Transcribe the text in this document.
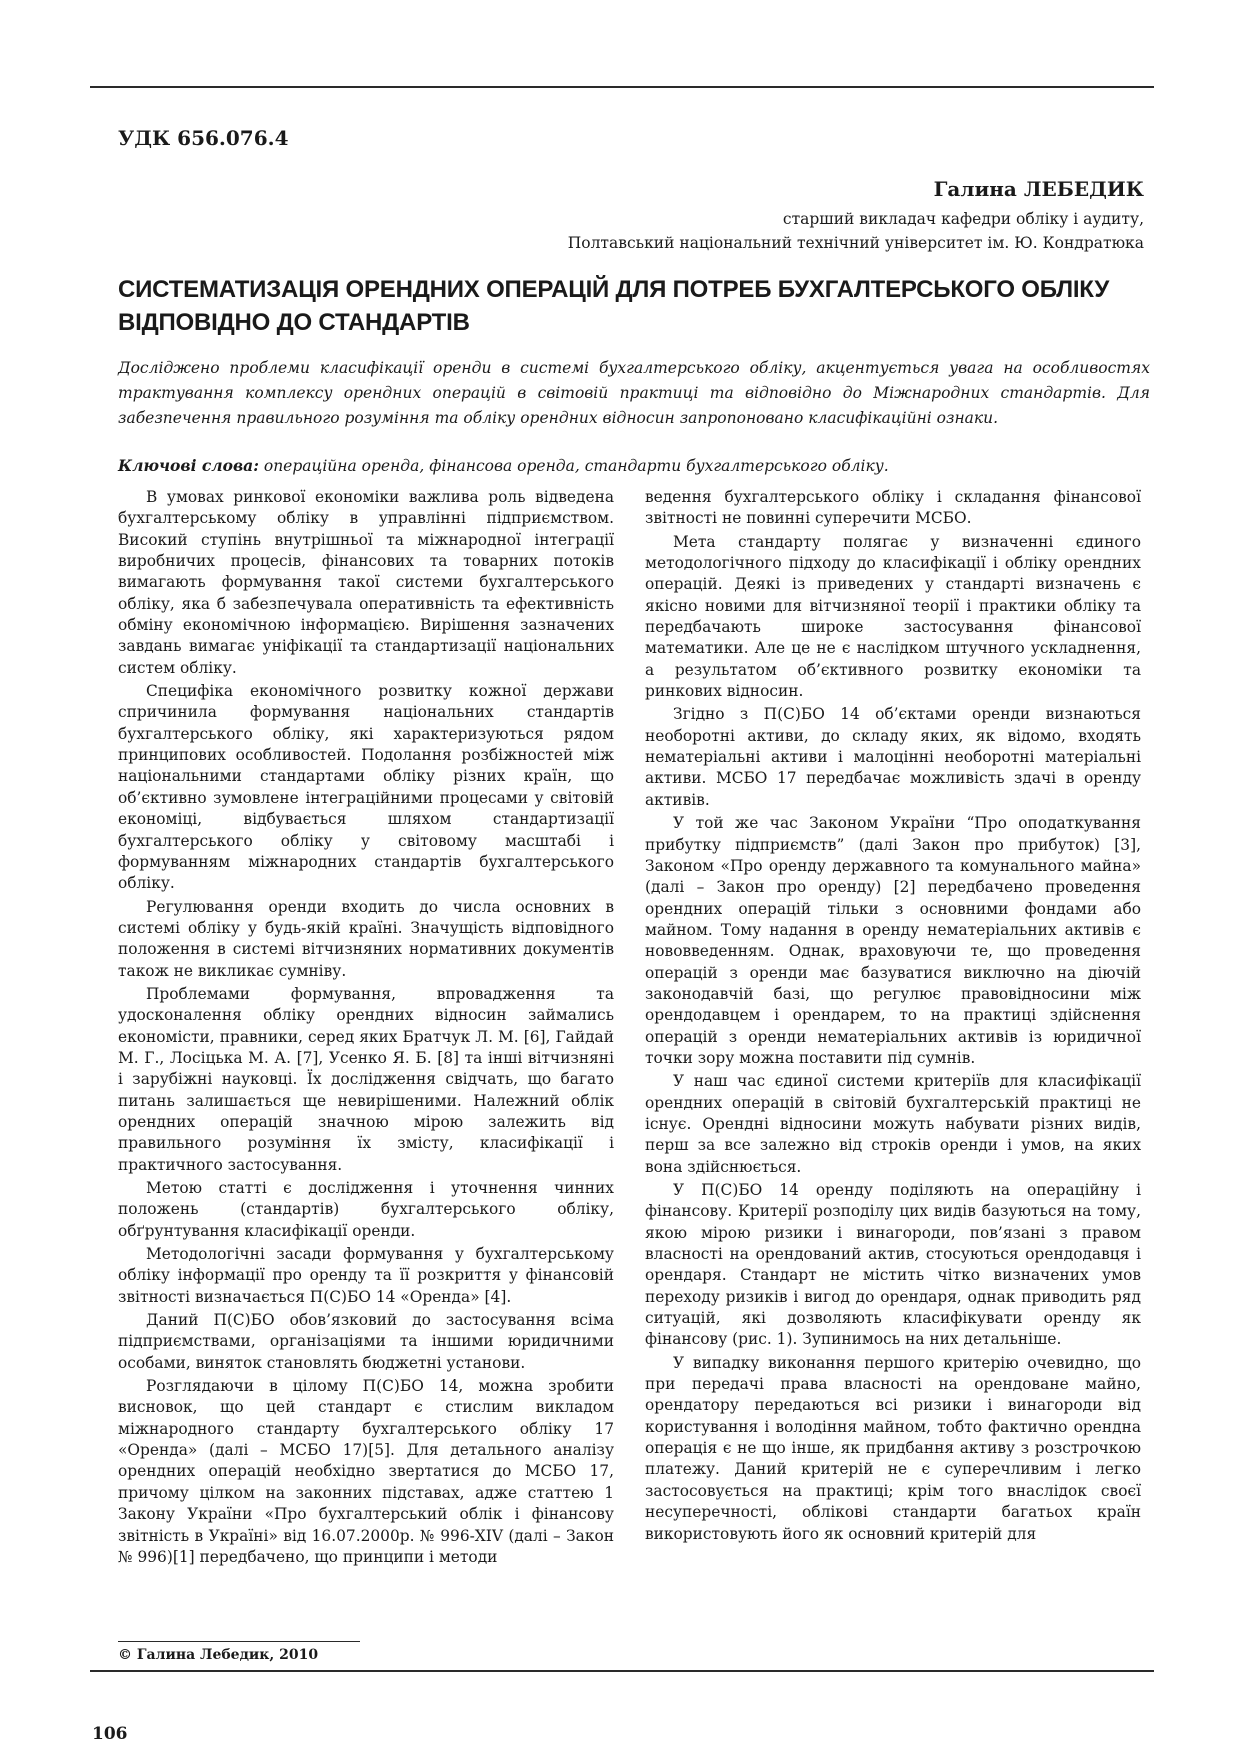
УДК 656.076.4
Галина ЛЕБЕДИК
старший викладач кафедри обліку і аудиту,
Полтавський національний технічний університет ім. Ю. Кондратюка
СИСТЕМАТИЗАЦІЯ ОРЕНДНИХ ОПЕРАЦІЙ ДЛЯ ПОТРЕБ БУХГАЛТЕРСЬКОГО ОБЛІКУ
ВІДПОВІДНО ДО СТАНДАРТІВ
Досліджено проблеми класифікації оренди в системі бухгалтерського обліку, акцентується увага на особливостях трактування комплексу орендних операцій в світовій практиці та відповідно до Міжнародних стандартів. Для забезпечення правильного розуміння та обліку орендних відносин запропоновано класифікаційні ознаки.
Ключові слова: операційна оренда, фінансова оренда, стандарти бухгалтерського обліку.

В умовах ринкової економіки важлива роль відведена бухгалтерському обліку в управлінні підприємством. Високий ступінь внутрішньої та міжнародної інтеграції виробничих процесів, фінансових та товарних потоків вимагають формування такої системи бухгалтерського обліку, яка б забезпечувала оперативність та ефективність обміну економічною інформацією. Вирішення зазначених завдань вимагає уніфікації та стандартизації національних систем обліку.

Специфіка економічного розвитку кожної держави спричинила формування національних стандартів бухгалтерського обліку, які характеризуються рядом принципових особливостей. Подолання розбіжностей між національними стандартами обліку різних країн, що об’єктивно зумовлене інтеграційними процесами у світовій економіці, відбувається шляхом стандартизації бухгалтерського обліку у світовому масштабі і формуванням міжнародних стандартів бухгалтерського обліку.

Регулювання оренди входить до числа основних в системі обліку у будь-якій країні. Значущість відповідного положення в системі вітчизняних нормативних документів також не викликає сумніву.

Проблемами формування, впровадження та удосконалення обліку орендних відносин займались економісти, правники, серед яких Братчук Л. М. [6], Гайдай М. Г., Лосіцька М. А. [7], Усенко Я. Б. [8] та інші вітчизняні і зарубіжні науковці. Їх дослідження свідчать, що багато питань залишається ще невирішеними. Належний облік орендних операцій значною мірою залежить від правильного розуміння їх змісту, класифікації і практичного застосування.

Метою статті є дослідження і уточнення чинних положень (стандартів) бухгалтерського обліку, обґрунтування класифікації оренди.

Методологічні засади формування у бухгалтерському обліку інформації про оренду та її розкриття у фінансовій звітності визначається П(С)БО 14 «Оренда» [4].

Даний П(С)БО обов’язковий до застосування всіма підприємствами, організаціями та іншими юридичними особами, виняток становлять бюджетні установи.

Розглядаючи в цілому П(С)БО 14, можна зробити висновок, що цей стандарт є стислим викладом міжнародного стандарту бухгалтерського обліку 17 «Оренда» (далі – МСБО 17)[5]. Для детального аналізу орендних операцій необхідно звертатися до МСБО 17, причому цілком на законних підставах, адже статтею 1 Закону України «Про бухгалтерський облік і фінансову звітність в Україні» від 16.07.2000р. № 996-XIV (далі – Закон № 996)[1] передбачено, що принципи і методи

ведення бухгалтерського обліку і складання фінансової звітності не повинні суперечити МСБО.

Мета стандарту полягає у визначенні єдиного методологічного підходу до класифікації і обліку орендних операцій. Деякі із приведених у стандарті визначень є якісно новими для вітчизняної теорії і практики обліку та передбачають широке застосування фінансової математики. Але це не є наслідком штучного ускладнення, а результатом об’єктивного розвитку економіки та ринкових відносин.

Згідно з П(С)БО 14 об’єктами оренди визнаються необоротні активи, до складу яких, як відомо, входять нематеріальні активи і малоцінні необоротні матеріальні активи. МСБО 17 передбачає можливість здачі в оренду активів.

У той же час Законом України “Про оподаткування прибутку підприємств” (далі Закон про прибуток) [3], Законом «Про оренду державного та комунального майна» (далі – Закон про оренду) [2] передбачено проведення орендних операцій тільки з основними фондами або майном. Тому надання в оренду нематеріальних активів є нововведенням. Однак, враховуючи те, що проведення операцій з оренди має базуватися виключно на діючій законодавчій базі, що регулює правовідносини між орендодавцем і орендарем, то на практиці здійснення операцій з оренди нематеріальних активів із юридичної точки зору можна поставити під сумнів.

У наш час єдиної системи критеріїв для класифікації орендних операцій в світовій бухгалтерській практиці не існує. Орендні відносини можуть набувати різних видів, перш за все залежно від строків оренди і умов, на яких вона здійснюється.

У П(С)БО 14 оренду поділяють на операційну і фінансову. Критерії розподілу цих видів базуються на тому, якою мірою ризики і винагороди, пов’язані з правом власності на орендований актив, стосуються орендодавця і орендаря. Стандарт не містить чітко визначених умов переходу ризиків і вигод до орендаря, однак приводить ряд ситуацій, які дозволяють класифікувати оренду як фінансову (рис. 1). Зупинимось на них детальніше.

У випадку виконання першого критерію очевидно, що при передачі права власності на орендоване майно, орендатору передаються всі ризики і винагороди від користування і володіння майном, тобто фактично орендна операція є не що інше, як придбання активу з розстрочкою платежу. Даний критерій не є суперечливим і легко застосовується на практиці; крім того внаслідок своєї несуперечності, облікові стандарти багатьох країн використовують його як основний критерій для

© Галина Лебедик, 2010
106
